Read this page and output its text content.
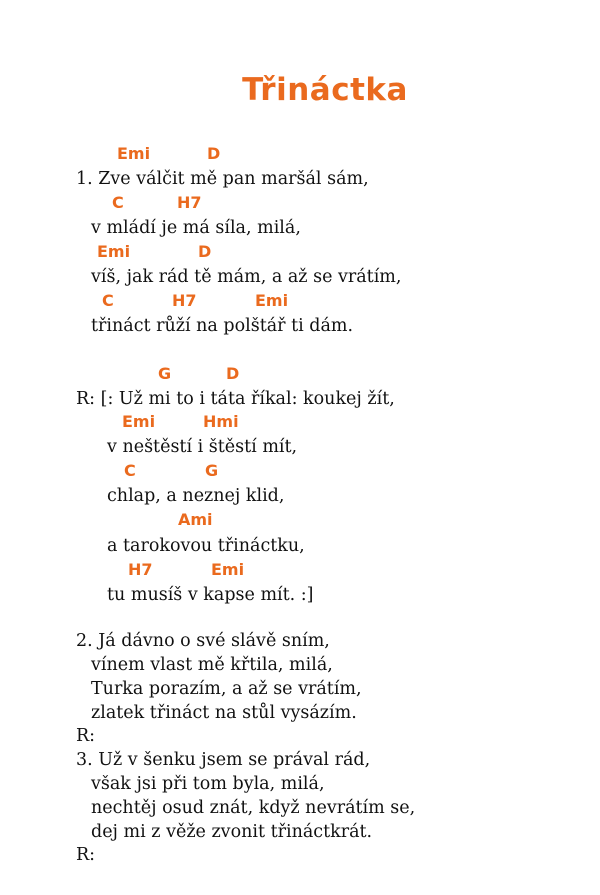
Třináctka
Emi	D
1. Zve válčit mě pan maršál sám,
C	H7
v mládí je má síla, milá,
Emi	D
víš, jak rád tě mám, a až se vrátím,
C	H7	Emi
třináct růží na polštář ti dám.
G	D
R: [: Už mi to i táta říkal: koukej žít,
Emi	Hmi
v neštěstí i štěstí mít,
C	G
chlap, a neznej klid,
Ami
a tarokovou třináctku,
H7	Emi
tu musíš v kapse mít. :]
2. Já dávno o své slávě sním,
vínem vlast mě křtila, milá,
Turka porazím, a až se vrátím,
zlatek třináct na stůl vysázím.
R:
3. Už v šenku jsem se prával rád,
však jsi při tom byla, milá,
nechtěj osud znát, když nevrátím se,
dej mi z věže zvonit třináctkrát.
R:
